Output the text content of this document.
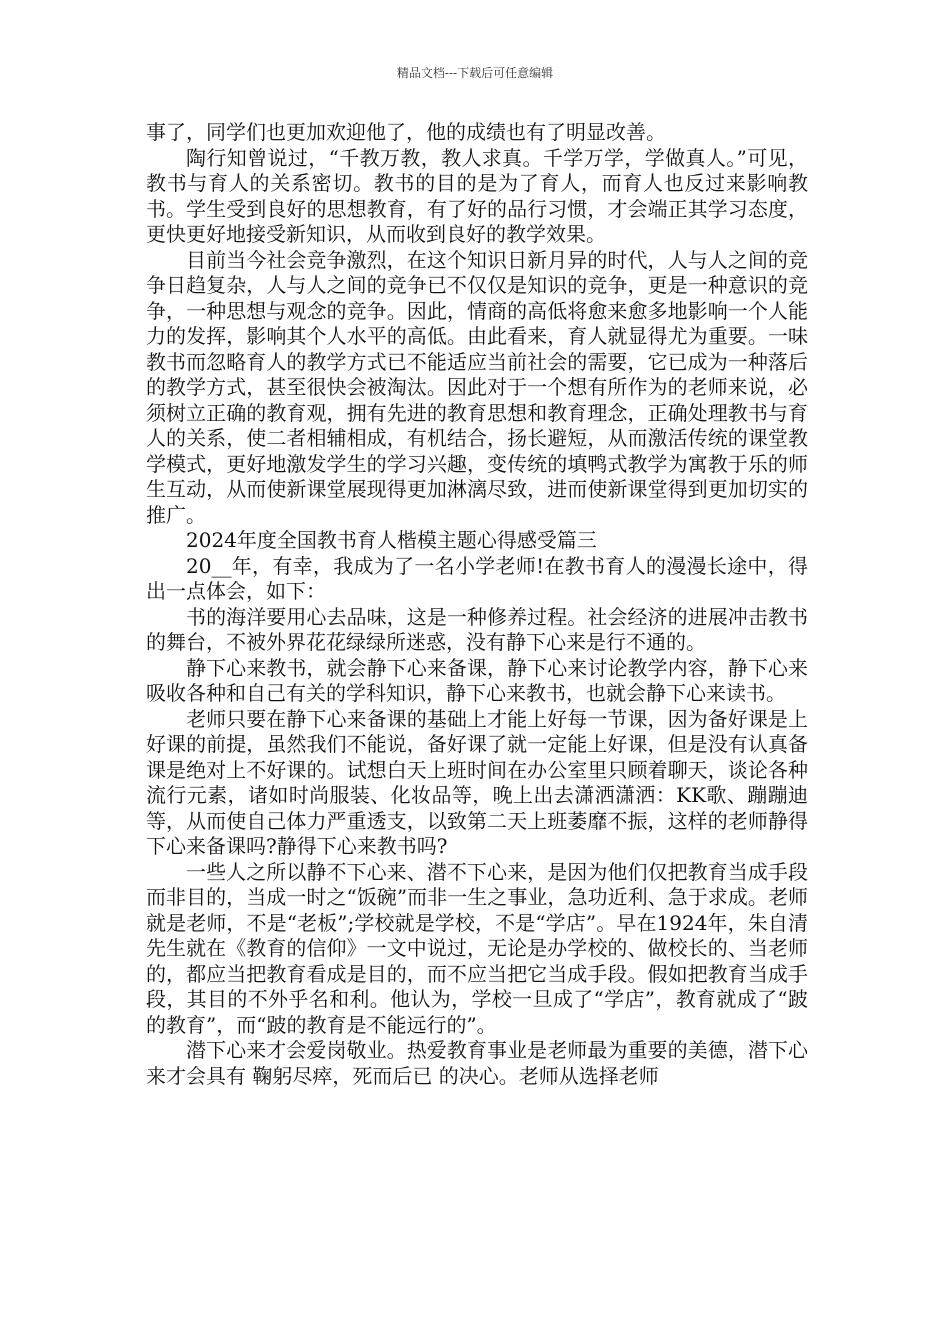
精品文档---下载后可任意编辑

事了，同学们也更加欢迎他了，他的成绩也有了明显改善。

陶行知曾说过，“千教万教，教人求真。千学万学，学做真人。”可见，教书与育人的关系密切。教书的目的是为了育人，而育人也反过来影响教书。学生受到良好的思想教育，有了好的品行习惯，才会端正其学习态度，更快更好地接受新知识，从而收到良好的教学效果。

目前当今社会竞争激烈，在这个知识日新月异的时代，人与人之间的竞争日趋复杂，人与人之间的竞争已不仅仅是知识的竞争，更是一种意识的竞争，一种思想与观念的竞争。因此，情商的高低将愈来愈多地影响一个人能力的发挥，影响其个人水平的高低。由此看来，育人就显得尤为重要。一味教书而忽略育人的教学方式已不能适应当前社会的需要，它已成为一种落后的教学方式，甚至很快会被淘汰。因此对于一个想有所作为的老师来说，必须树立正确的教育观，拥有先进的教育思想和教育理念，正确处理教书与育人的关系，使二者相辅相成，有机结合，扬长避短，从而激活传统的课堂教学模式，更好地激发学生的学习兴趣，变传统的填鸭式教学为寓教于乐的师生互动，从而使新课堂展现得更加淋漓尽致，进而使新课堂得到更加切实的推广。

2024年度全国教书育人楷模主题心得感受篇三

20__年，有幸，我成为了一名小学老师!在教书育人的漫漫长途中，得出一点体会，如下：

书的海洋要用心去品味，这是一种修养过程。社会经济的进展冲击教书的舞台，不被外界花花绿绿所迷惑，没有静下心来是行不通的。

静下心来教书，就会静下心来备课，静下心来讨论教学内容，静下心来吸收各种和自己有关的学科知识，静下心来教书，也就会静下心来读书。

老师只要在静下心来备课的基础上才能上好每一节课，因为备好课是上好课的前提，虽然我们不能说，备好课了就一定能上好课，但是没有认真备课是绝对上不好课的。试想白天上班时间在办公室里只顾着聊天，谈论各种流行元素，诸如时尚服装、化妆品等，晚上出去潇洒潇洒：KK歌、蹦蹦迪等，从而使自己体力严重透支，以致第二天上班萎靡不振，这样的老师静得下心来备课吗?静得下心来教书吗?

一些人之所以静不下心来、潜不下心来，是因为他们仅把教育当成手段而非目的，当成一时之“饭碗”而非一生之事业，急功近利、急于求成。老师就是老师，不是“老板”;学校就是学校，不是“学店”。早在1924年，朱自清先生就在《教育的信仰》一文中说过，无论是办学校的、做校长的、当老师的，都应当把教育看成是目的，而不应当把它当成手段。假如把教育当成手段，其目的不外乎名和利。他认为，学校一旦成了“学店”，教育就成了“跛的教育”，而“跛的教育是不能远行的”。

潜下心来才会爱岗敬业。热爱教育事业是老师最为重要的美德，潜下心来才会具有 鞠躬尽瘁，死而后已 的决心。老师从选择老师
